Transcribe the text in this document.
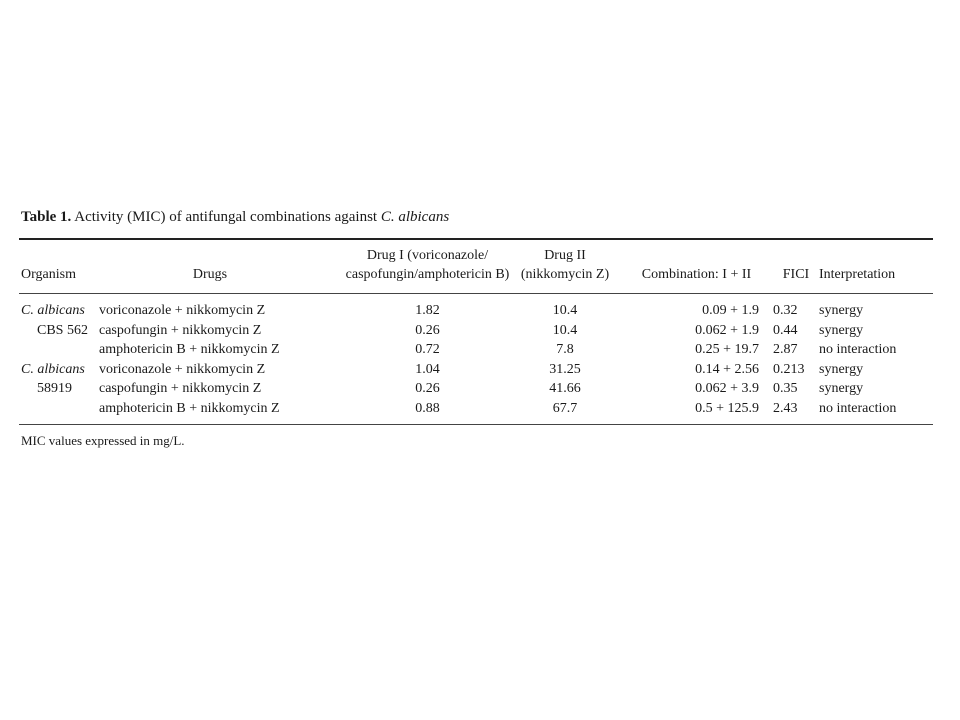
Table 1. Activity (MIC) of antifungal combinations against C. albicans
Organism	Drugs	Drug I (voriconazole/
caspofungin/amphotericin B)	Drug II
(nikkomycin Z)	Combination: I + II	FICI	Interpretation

C. albicans	voriconazole + nikkomycin Z	1.82	10.4	0.09 + 1.9	0.32	synergy
CBS 562	caspofungin + nikkomycin Z	0.26	10.4	0.062 + 1.9	0.44	synergy
	amphotericin B + nikkomycin Z	0.72	7.8	0.25 + 19.7	2.87	no interaction
C. albicans	voriconazole + nikkomycin Z	1.04	31.25	0.14 + 2.56	0.213	synergy
58919	caspofungin + nikkomycin Z	0.26	41.66	0.062 + 3.9	0.35	synergy
	amphotericin B + nikkomycin Z	0.88	67.7	0.5 + 125.9	2.43	no interaction
MIC values expressed in mg/L.
